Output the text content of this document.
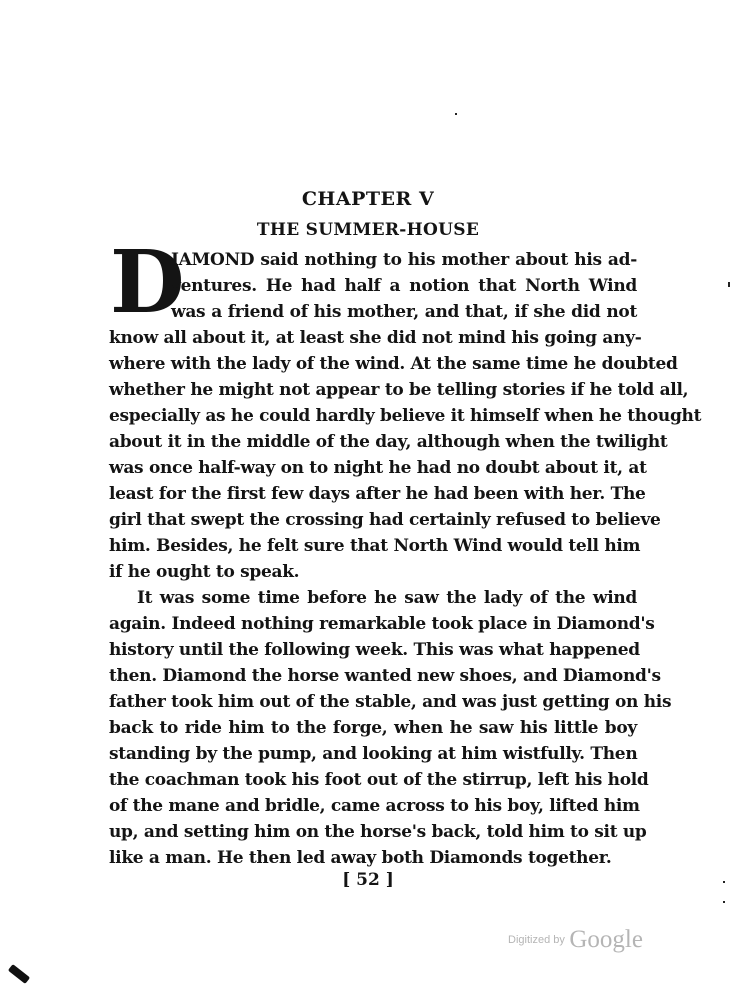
CHAPTER V
THE SUMMER-HOUSE
D
IAMOND said nothing to his mother about his ad-
ventures. He had half a notion that North Wind
was a friend of his mother, and that, if she did not
know all about it, at least she did not mind his going any-
where with the lady of the wind. At the same time he doubted
whether he might not appear to be telling stories if he told all,
especially as he could hardly believe it himself when he thought
about it in the middle of the day, although when the twilight
was once half-way on to night he had no doubt about it, at
least for the first few days after he had been with her. The
girl that swept the crossing had certainly refused to believe
him. Besides, he felt sure that North Wind would tell him
if he ought to speak.
It was some time before he saw the lady of the wind
again. Indeed nothing remarkable took place in Diamond's
history until the following week. This was what happened
then. Diamond the horse wanted new shoes, and Diamond's
father took him out of the stable, and was just getting on his
back to ride him to the forge, when he saw his little boy
standing by the pump, and looking at him wistfully. Then
the coachman took his foot out of the stirrup, left his hold
of the mane and bridle, came across to his boy, lifted him
up, and setting him on the horse's back, told him to sit up
like a man. He then led away both Diamonds together.
[ 52 ]
$^{Digitized by}$ Google
